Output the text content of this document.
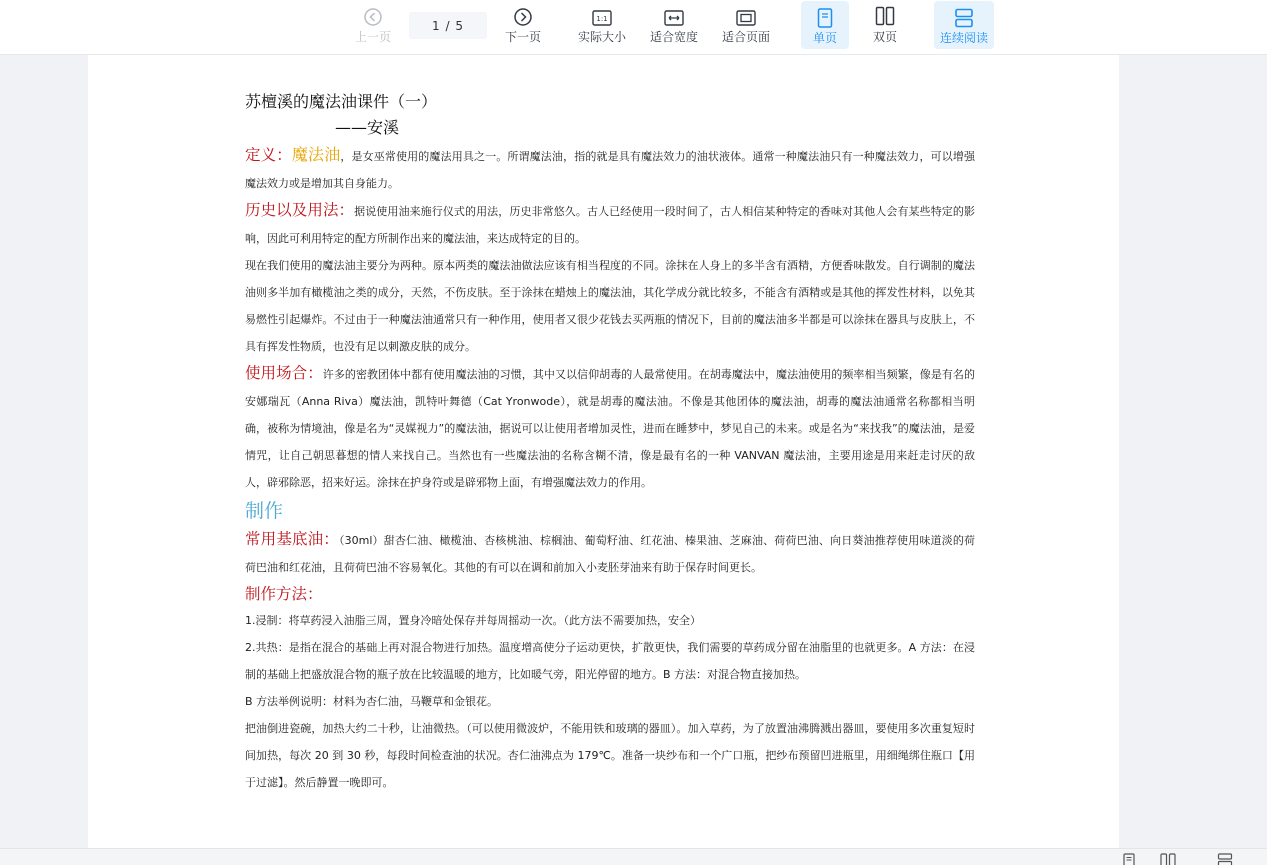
上一页
1 / 5
下一页
1:1
实际大小 适合宽度 适合页面	单页	双页	连续阅读
苏檀溪的魔法油课件（一）
——安溪

定义：魔法油，是女巫常使用的魔法用具之一。所谓魔法油，指的就是具有魔法效力的油状液体。通常一种魔法油只有一种魔法效力，可以增强魔法效力或是增加其自身能力。

历史以及用法：据说使用油来施行仪式的用法，历史非常悠久。古人已经使用一段时间了，古人相信某种特定的香味对其他人会有某些特定的影响，因此可利用特定的配方所制作出来的魔法油，来达成特定的目的。

现在我们使用的魔法油主要分为两种。原本两类的魔法油做法应该有相当程度的不同。涂抹在人身上的多半含有酒精，方便香味散发。自行调制的魔法油则多半加有橄榄油之类的成分，天然，不伤皮肤。至于涂抹在蜡烛上的魔法油，其化学成分就比较多，不能含有酒精或是其他的挥发性材料，以免其易燃性引起爆炸。不过由于一种魔法油通常只有一种作用，使用者又很少花钱去买两瓶的情况下，目前的魔法油多半都是可以涂抹在器具与皮肤上，不具有挥发性物质，也没有足以刺激皮肤的成分。

使用场合：许多的密教团体中都有使用魔法油的习惯，其中又以信仰胡毒的人最常使用。在胡毒魔法中，魔法油使用的频率相当频繁，像是有名的安娜瑞瓦（Anna Riva）魔法油，凯特叶舞德（Cat Yronwode），就是胡毒的魔法油。不像是其他团体的魔法油，胡毒的魔法油通常名称都相当明确，被称为情境油，像是名为“灵媒视力”的魔法油，据说可以让使用者增加灵性，进而在睡梦中，梦见自己的未来。或是名为“来找我”的魔法油，是爱情咒，让自己朝思暮想的情人来找自己。当然也有一些魔法油的名称含糊不清，像是最有名的一种 VANVAN 魔法油，主要用途是用来赶走讨厌的敌人，辟邪除恶，招来好运。涂抹在护身符或是辟邪物上面，有增强魔法效力的作用。

制作

常用基底油：（30ml）甜杏仁油、橄榄油、杏核桃油、棕榈油、葡萄籽油、红花油、榛果油、芝麻油、荷荷巴油、向日葵油推荐使用味道淡的荷荷巴油和红花油，且荷荷巴油不容易氧化。其他的有可以在调和前加入小麦胚芽油来有助于保存时间更长。

制作方法：

1.浸制：将草药浸入油脂三周，置身冷暗处保存并每周摇动一次。（此方法不需要加热，安全）

2.共热：是指在混合的基础上再对混合物进行加热。温度增高使分子运动更快，扩散更快，我们需要的草药成分留在油脂里的也就更多。A 方法：在浸制的基础上把盛放混合物的瓶子放在比较温暖的地方，比如暖气旁，阳光停留的地方。B 方法：对混合物直接加热。

B 方法举例说明：材料为杏仁油，马鞭草和金银花。

把油倒进瓷碗，加热大约二十秒，让油微热。（可以使用微波炉，不能用铁和玻璃的器皿）。加入草药，为了放置油沸腾溅出器皿，要使用多次重复短时间加热，每次 20 到 30 秒，每段时间检查油的状况。杏仁油沸点为 179℃。准备一块纱布和一个广口瓶，把纱布预留凹进瓶里，用细绳绑住瓶口【用于过滤】。然后静置一晚即可。
